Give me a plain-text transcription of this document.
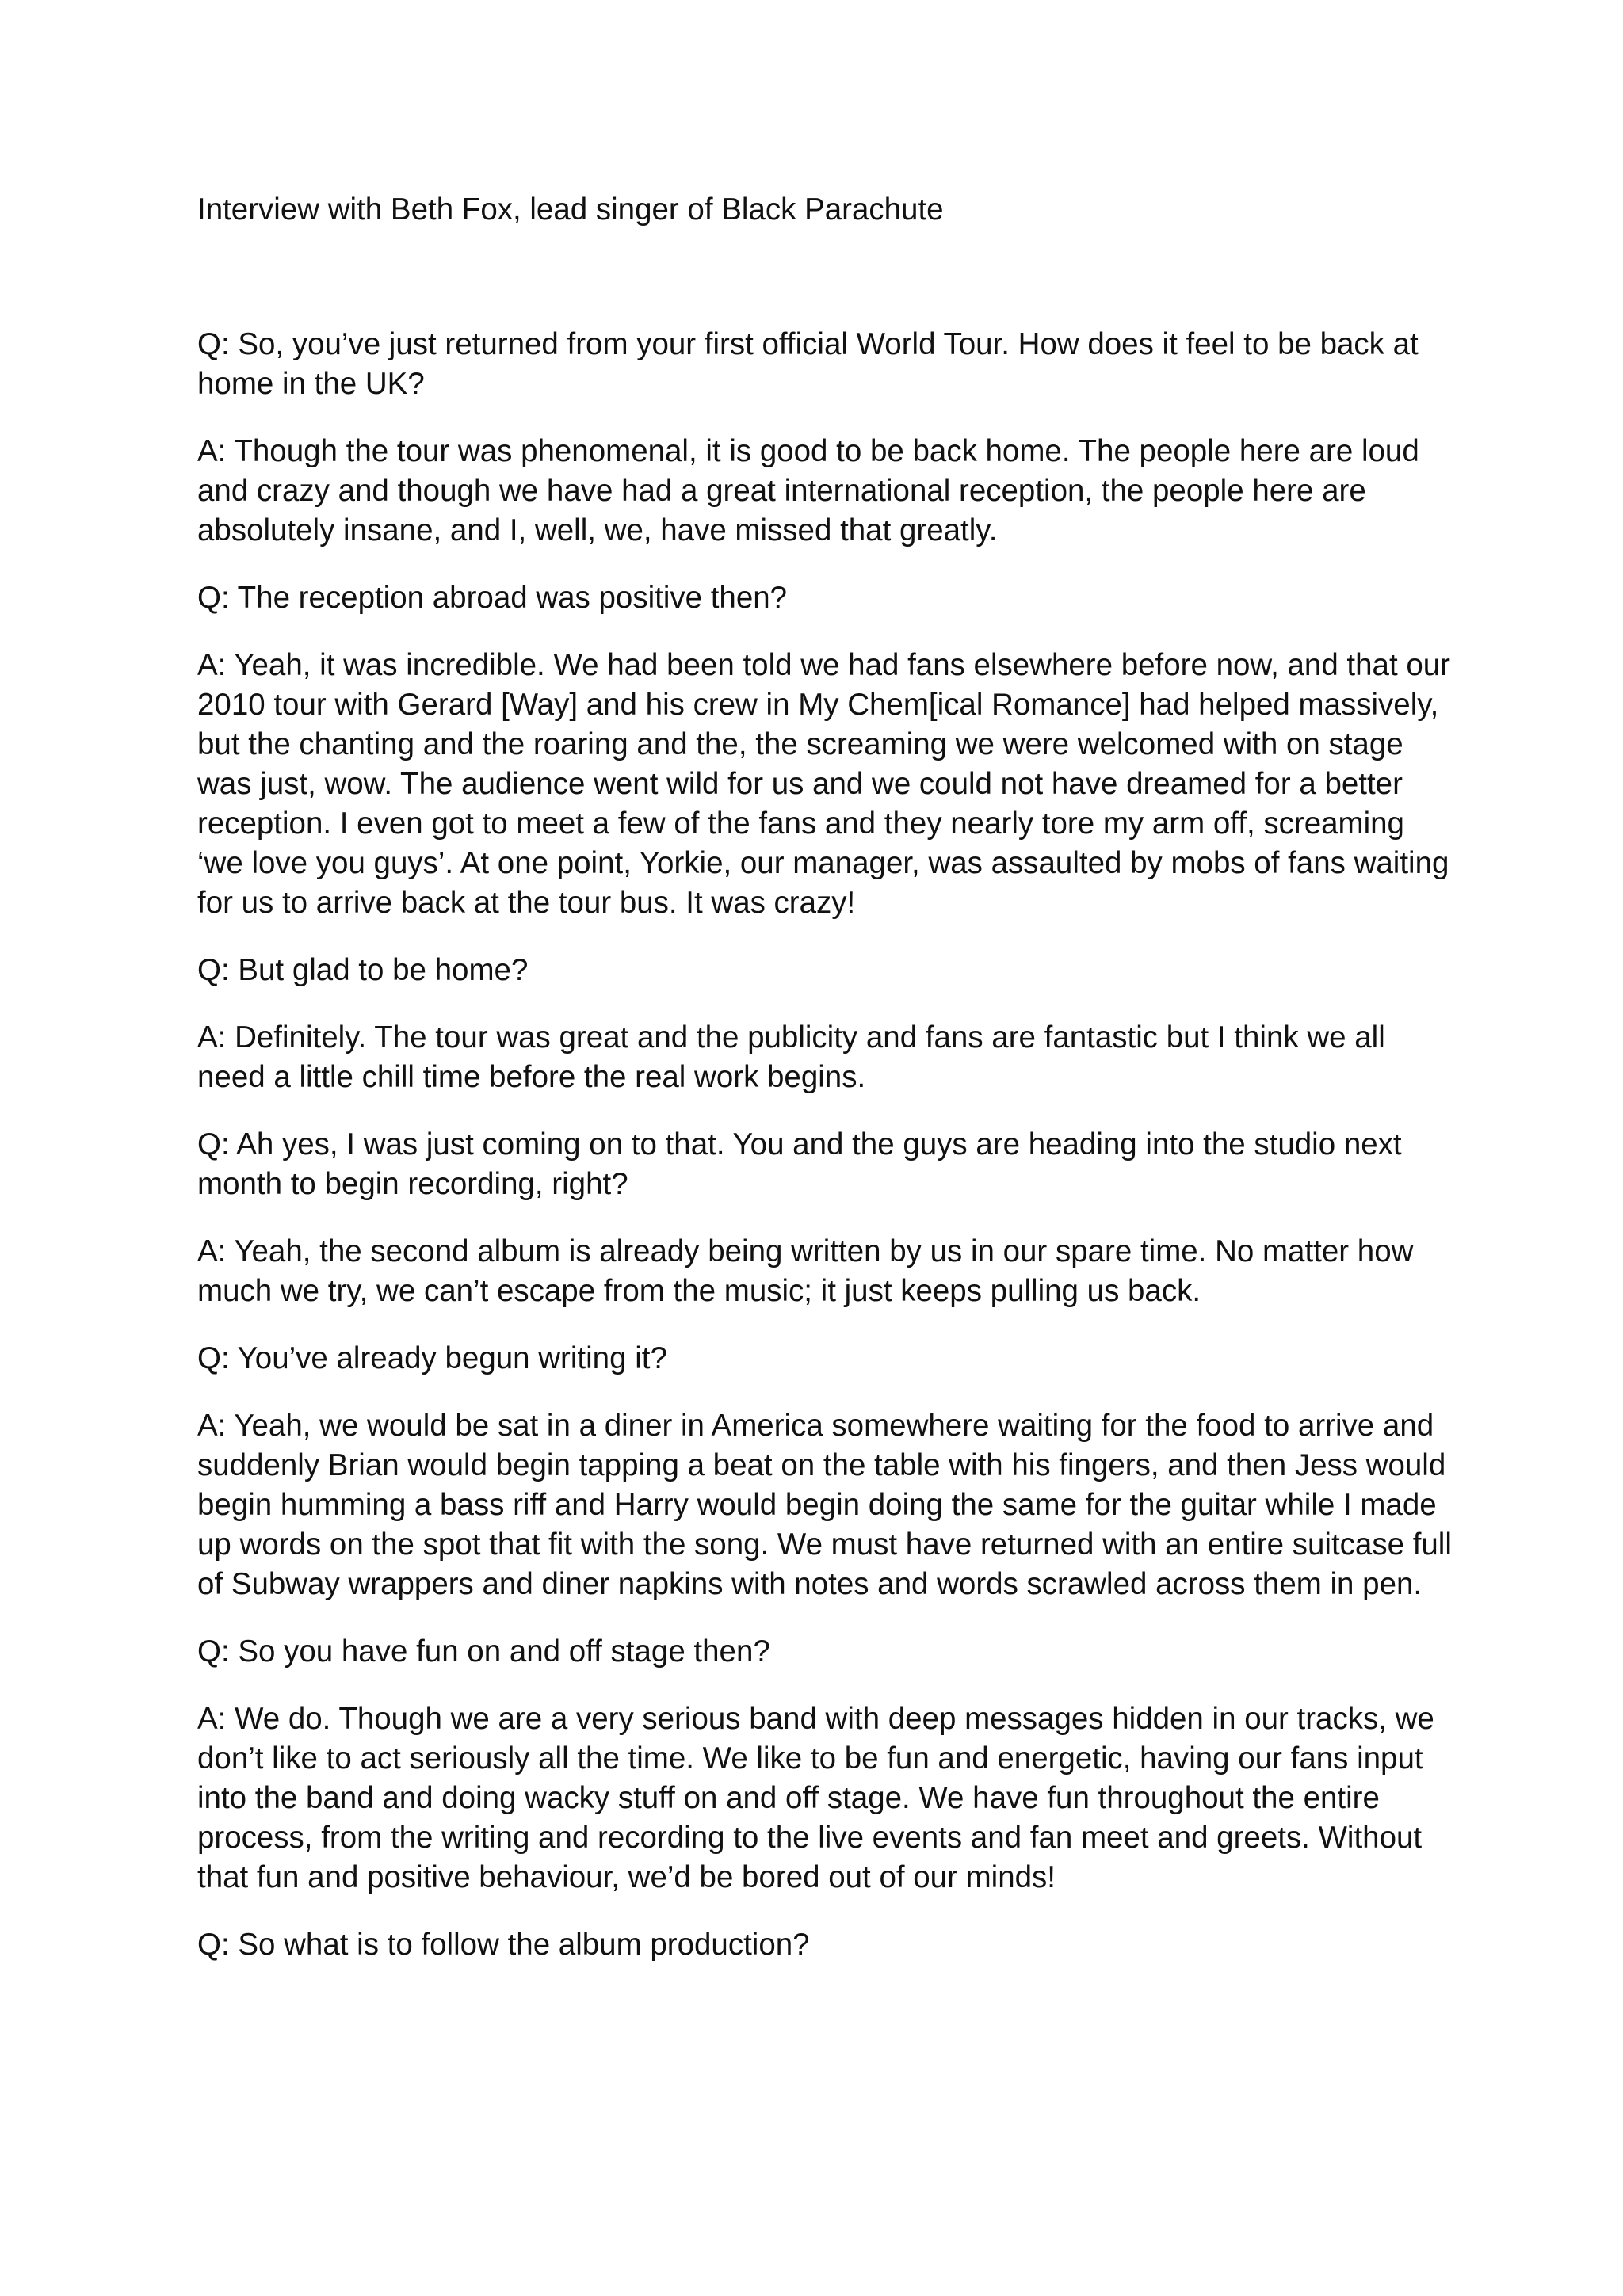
Interview with Beth Fox, lead singer of Black Parachute

Q: So, you’ve just returned from your first official World Tour. How does it feel to be back at home in the UK?

A: Though the tour was phenomenal, it is good to be back home. The people here are loud and crazy and though we have had a great international reception, the people here are absolutely insane, and I, well, we, have missed that greatly.

Q: The reception abroad was positive then?

A: Yeah, it was incredible. We had been told we had fans elsewhere before now, and that our 2010 tour with Gerard [Way] and his crew in My Chem[ical Romance] had helped massively, but the chanting and the roaring and the, the screaming we were welcomed with on stage was just, wow. The audience went wild for us and we could not have dreamed for a better reception. I even got to meet a few of the fans and they nearly tore my arm off, screaming ‘we love you guys’. At one point, Yorkie, our manager, was assaulted by mobs of fans waiting for us to arrive back at the tour bus. It was crazy!

Q: But glad to be home?

A: Definitely. The tour was great and the publicity and fans are fantastic but I think we all need a little chill time before the real work begins.

Q: Ah yes, I was just coming on to that. You and the guys are heading into the studio next month to begin recording, right?

A: Yeah, the second album is already being written by us in our spare time. No matter how much we try, we can’t escape from the music; it just keeps pulling us back.

Q: You’ve already begun writing it?

A: Yeah, we would be sat in a diner in America somewhere waiting for the food to arrive and suddenly Brian would begin tapping a beat on the table with his fingers, and then Jess would begin humming a bass riff and Harry would begin doing the same for the guitar while I made up words on the spot that fit with the song. We must have returned with an entire suitcase full of Subway wrappers and diner napkins with notes and words scrawled across them in pen.

Q: So you have fun on and off stage then?

A: We do. Though we are a very serious band with deep messages hidden in our tracks, we don’t like to act seriously all the time. We like to be fun and energetic, having our fans input into the band and doing wacky stuff on and off stage. We have fun throughout the entire process, from the writing and recording to the live events and fan meet and greets. Without that fun and positive behaviour, we’d be bored out of our minds!

Q: So what is to follow the album production?
